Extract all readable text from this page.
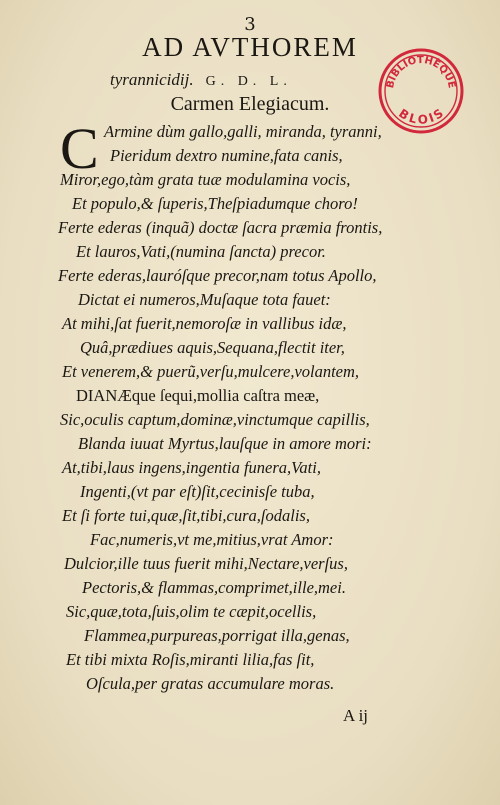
3
AD AVTHOREM
tyrannicidij. G. D. L.
Carmen Elegiacum.
C Armine dùm gallo,galli, miranda, tyranni,
Pieridum dextro numine,fata canis,
Miror,ego,tàm grata tuæ modulamina vocis,
Et populo,& ſuperis,Theſpiadumque choro!
Ferte ederas (inquã) doctæ ſacra præmia frontis,
Et lauros,Vati,(numina ſancta) precor.
Ferte ederas,lauróſque precor,nam totus Apollo,
Dictat ei numeros,Muſaque tota fauet:
At mihi,ſat fuerit,nemoroſæ in vallibus idæ,
Quâ,prædiues aquis,Sequana,flectit iter,
Et venerem,& puerũ,verſu,mulcere,volantem,
DIANÆque ſequi,mollia caſtra meæ,
Sic,oculis captum,dominæ,vinctumque capillis,
Blanda iuuat Myrtus,lauſque in amore mori:
At,tibi,laus ingens,ingentia funera,Vati,
Ingenti,(vt par eſt)ſit,cecinisſe tuba,
Et ſi forte tui,quæ,ſit,tibi,cura,ſodalis,
Fac,numeris,vt me,mitius,vrat Amor:
Dulcior,ille tuus fuerit mihi,Nectare,verſus,
Pectoris,& flammas,comprimet,ille,mei.
Sic,quæ,tota,ſuis,olim te cæpit,ocellis,
Flammea,purpureas,porrigat illa,genas,
Et tibi mixta Roſis,miranti lilia,fas ſit,
Oſcula,per gratas accumulare moras.
A ij
BIBLIOTHÈQUE
BLOIS
